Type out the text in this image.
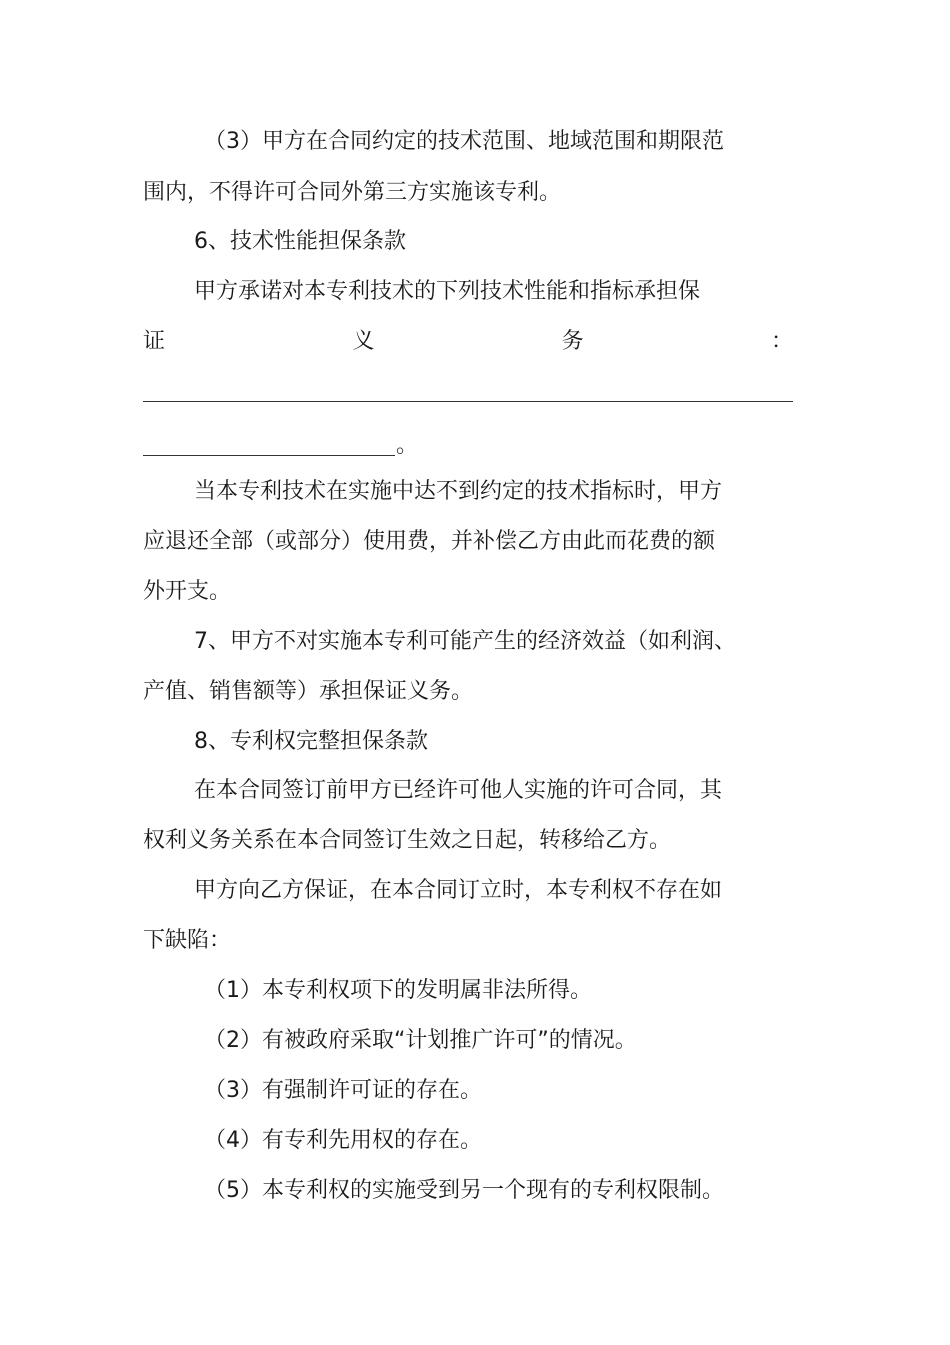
（3）甲方在合同约定的技术范围、地域范围和期限范
围内，不得许可合同外第三方实施该专利。
6、技术性能担保条款
甲方承诺对本专利技术的下列技术性能和指标承担保
证	义	务	：
。
当本专利技术在实施中达不到约定的技术指标时，甲方
应退还全部（或部分）使用费，并补偿乙方由此而花费的额
外开支。
7、甲方不对实施本专利可能产生的经济效益（如利润、
产值、销售额等）承担保证义务。
8、专利权完整担保条款
在本合同签订前甲方已经许可他人实施的许可合同，其
权利义务关系在本合同签订生效之日起，转移给乙方。
甲方向乙方保证，在本合同订立时，本专利权不存在如
下缺陷：
（1）本专利权项下的发明属非法所得。
（2）有被政府采取“计划推广许可”的情况。
（3）有强制许可证的存在。
（4）有专利先用权的存在。
（5）本专利权的实施受到另一个现有的专利权限制。
